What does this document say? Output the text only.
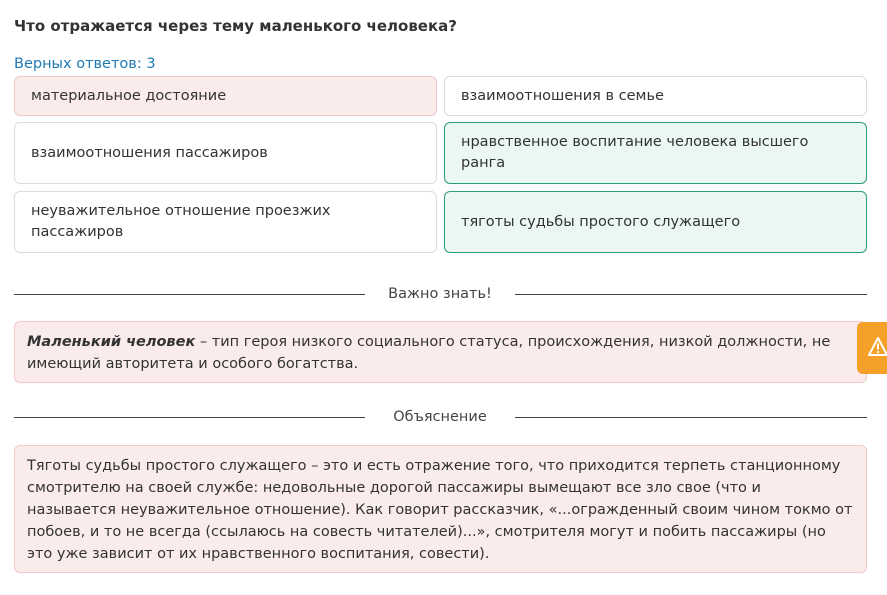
Что отражается через тему маленького человека?
Верных ответов: 3
материальное достояние	взаимоотношения в семье
взаимоотношения пассажиров
нравственное воспитание человека высшего ранга
неуважительное отношение проезжих пассажиров
тяготы судьбы простого служащего
Важно знать!
Маленький человек – тип героя низкого социального статуса, происхождения, низкой должности, не имеющий авторитета и особого богатства.
Объяснение
Тяготы судьбы простого служащего – это и есть отражение того, что приходится терпеть станционному смотрителю на своей службе: недовольные дорогой пассажиры вымещают все зло свое (что и называется неуважительное отношение). Как говорит рассказчик, «...огражденный своим чином токмо от побоев, и то не всегда (ссылаюсь на совесть читателей)...», смотрителя могут и побить пассажиры (но это уже зависит от их нравственного воспитания, совести).
